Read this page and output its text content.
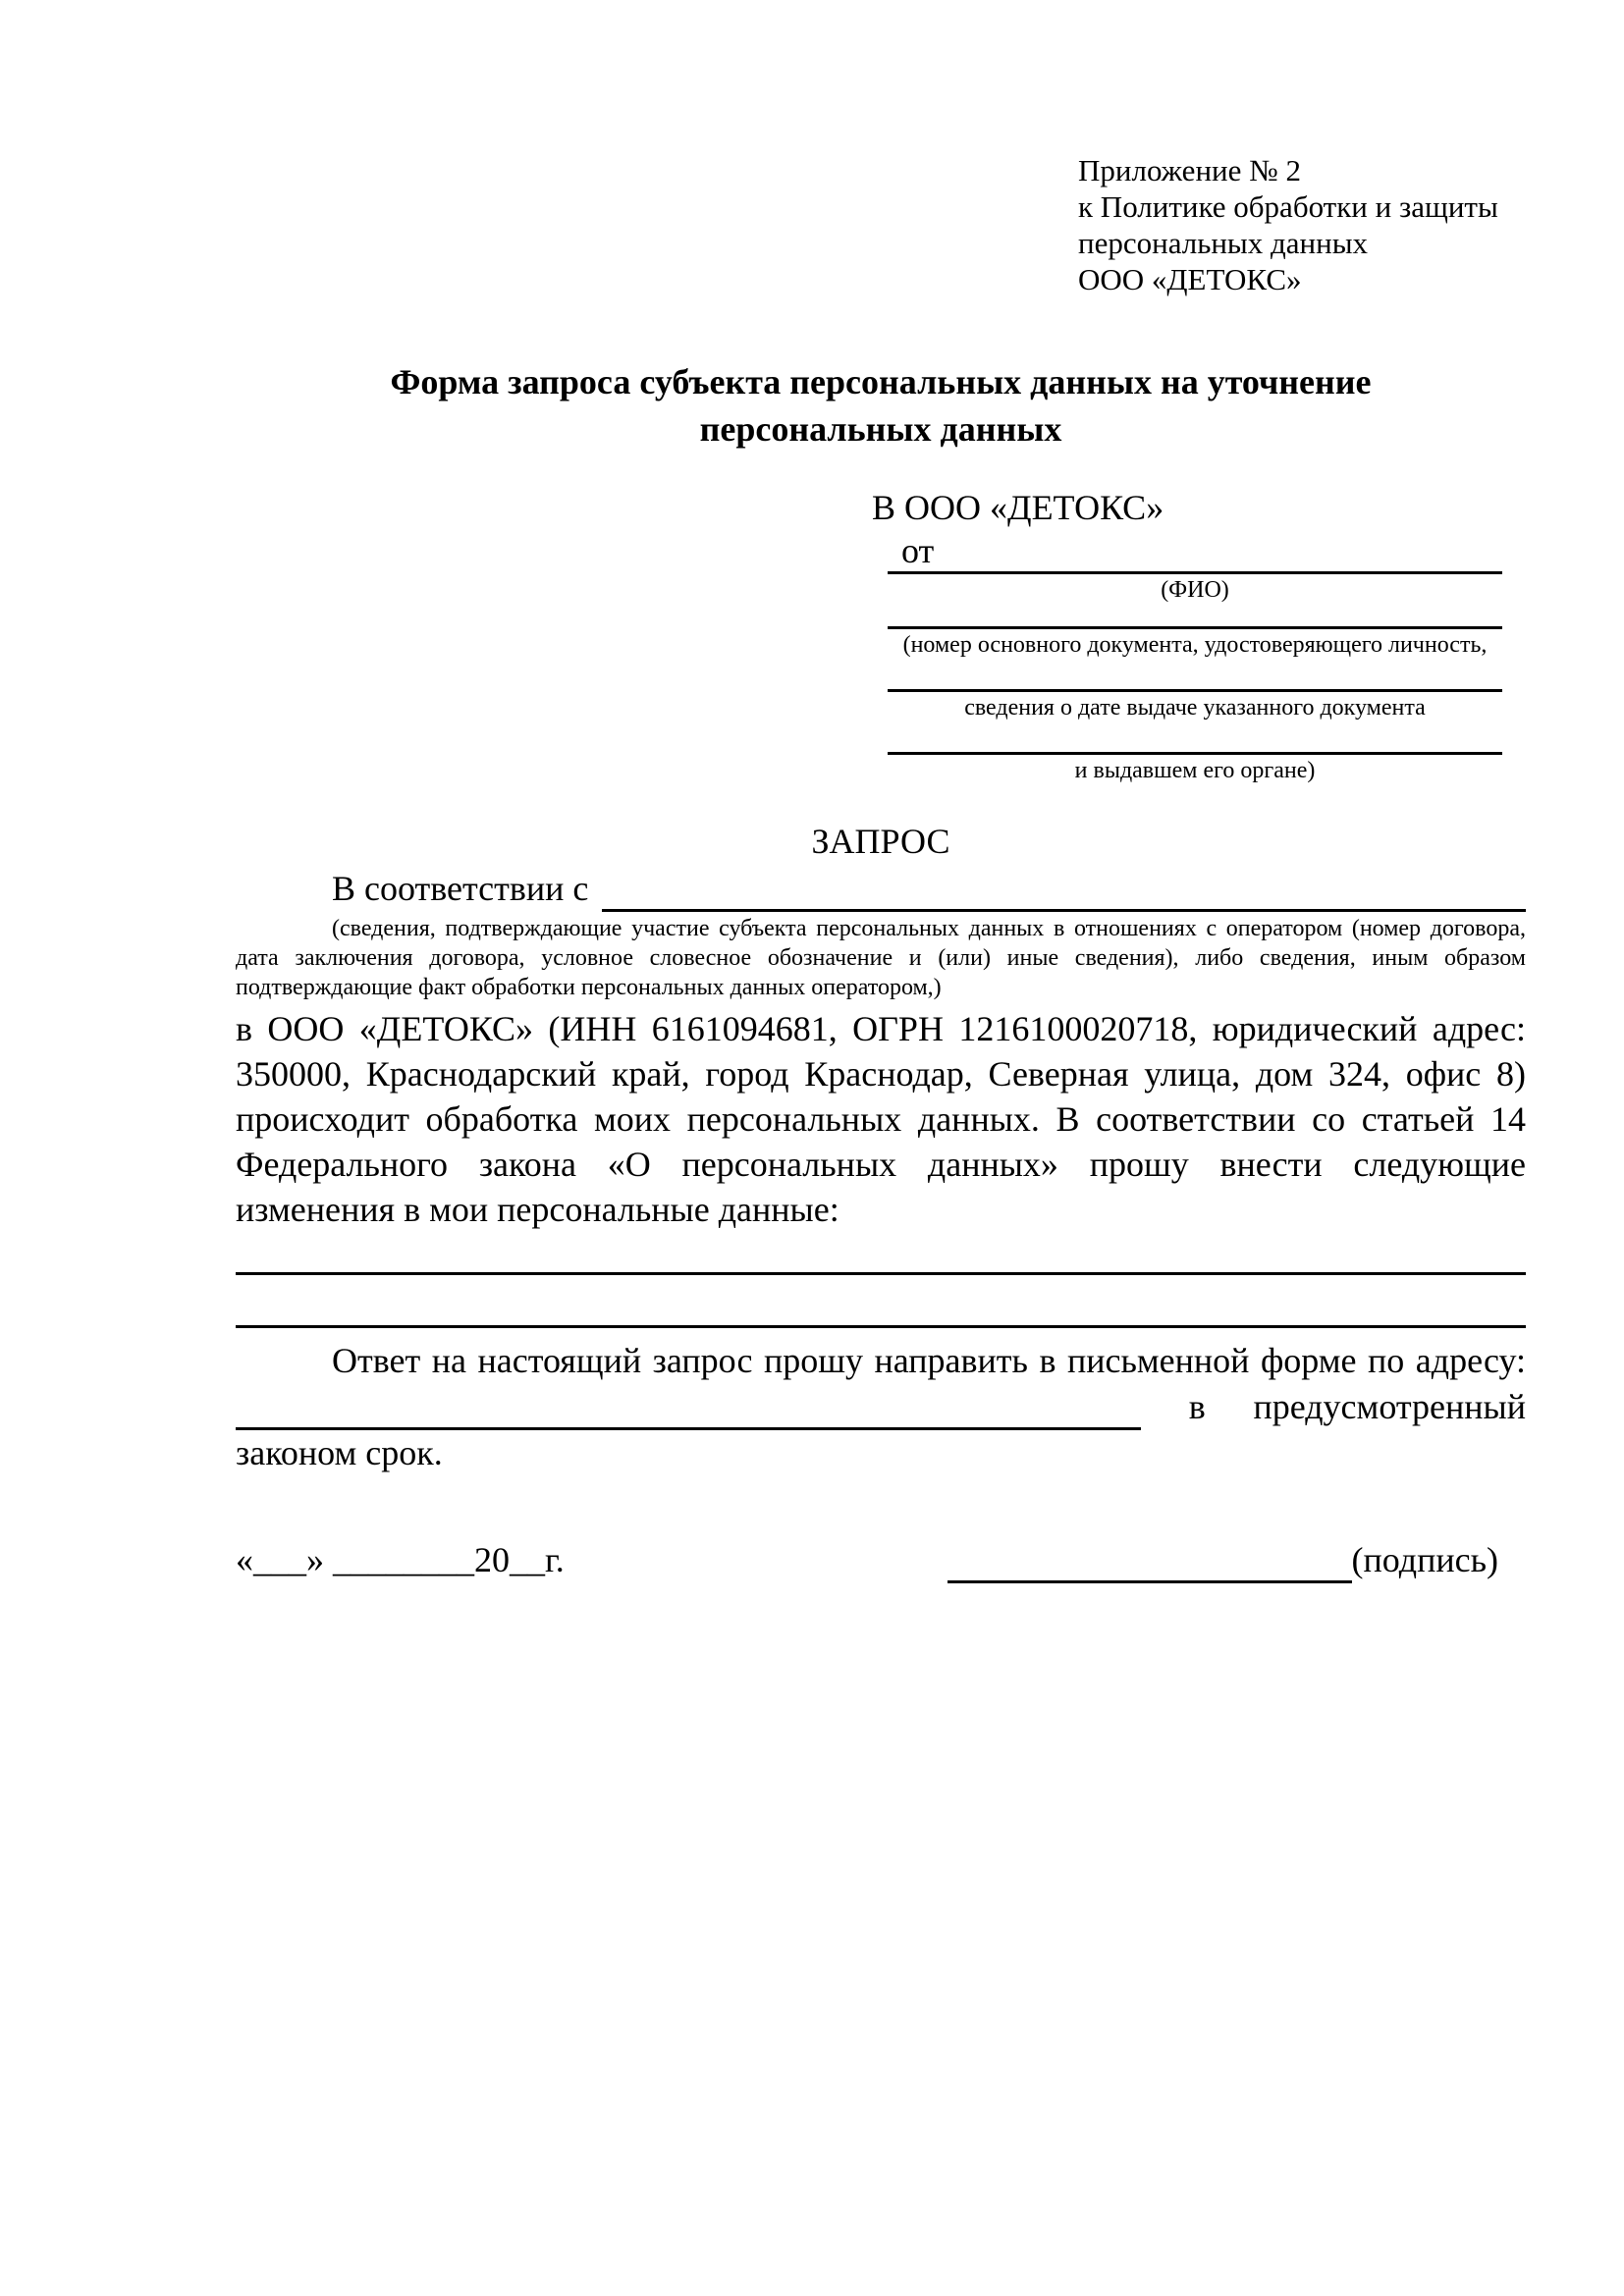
Приложение № 2
к Политике обработки и защиты
персональных данных
ООО «ДЕТОКС»
Форма запроса субъекта персональных данных на уточнение
персональных данных
В ООО «ДЕТОКС»
от
(ФИО)
(номер основного документа, удостоверяющего личность,
сведения о дате выдаче указанного документа
и выдавшем его органе)
ЗАПРОС
В соответствии с
(сведения, подтверждающие участие субъекта персональных данных в отношениях с оператором (номер договора, дата заключения договора, условное словесное обозначение и (или) иные сведения), либо сведения, иным образом подтверждающие факт обработки персональных данных оператором,)
в ООО «ДЕТОКС» (ИНН 6161094681, ОГРН 1216100020718, юридический адрес: 350000, Краснодарский край, город Краснодар, Северная улица, дом 324, офис 8) происходит обработка моих персональных данных. В соответствии со статьей 14 Федерального закона «О персональных данных» прошу внести следующие изменения в мои персональные данные:
Ответ на настоящий запрос прошу направить в письменной форме по адресу:
в предусмотренный
законом срок.
«___» ________20__г.	(подпись)
